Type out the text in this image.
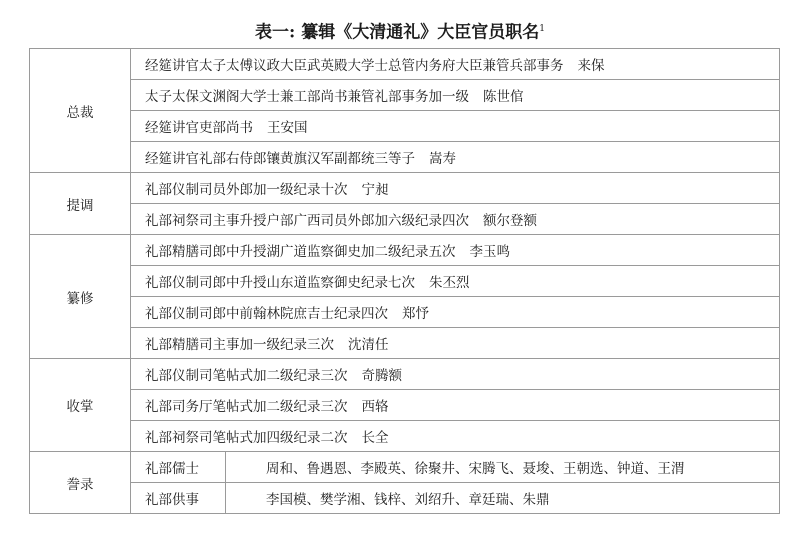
表一: 纂辑《大清通礼》大臣官员职名$^1$
总裁	经筵讲官太子太傅议政大臣武英殿大学士总管内务府大臣兼管兵部事务 来保	
	太子太保文渊阁大学士兼工部尚书兼管礼部事务加一级 陈世倌	
	经筵讲官吏部尚书 王安国	
	经筵讲官礼部右侍郎镶黄旗汉军副都统三等子 嵩寿	
提调	礼部仪制司员外郎加一级纪录十次 宁昶	
	礼部祠祭司主事升授户部广西司员外郎加六级纪录四次 额尔登额	
纂修	礼部精膳司郎中升授湖广道监察御史加二级纪录五次 李玉鸣	
	礼部仪制司郎中升授山东道监察御史纪录七次 朱丕烈	
	礼部仪制司郎中前翰林院庶吉士纪录四次 郑忬	
	礼部精膳司主事加一级纪录三次 沈清任	
收掌	礼部仪制司笔帖式加二级纪录三次 奇腾额	
	礼部司务厅笔帖式加二级纪录三次 西辂	
	礼部祠祭司笔帖式加四级纪录二次 长全	
誊录	礼部儒士	周和、鲁遇恩、李殿英、徐聚井、宋腾飞、聂埈、王朝选、钟道、王渭
	礼部供事	李国模、樊学湘、钱梓、刘绍升、章廷瑞、朱鼎
